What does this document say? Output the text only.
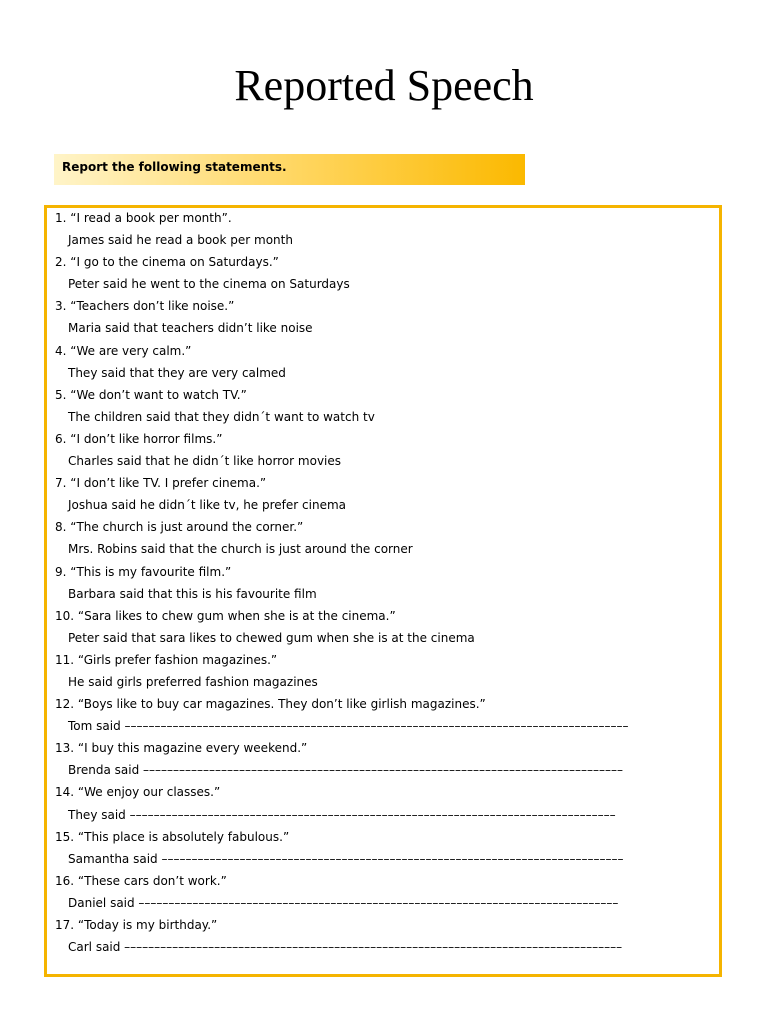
Reported Speech
Report the following statements.
1. “I read a book per month”.
James said he read a book per month
2. “I go to the cinema on Saturdays.”
Peter said he went to the cinema on Saturdays
3. “Teachers don’t like noise.”
Maria said that teachers didn’t like noise
4. “We are very calm.”
They said that they are very calmed
5. “We don’t want to watch TV.”
The children said that they didn´t want to watch tv
6. “I don’t like horror films.”
Charles said that he didn´t like horror movies
7. “I don’t like TV. I prefer cinema.”
Joshua said he didn´t like tv, he prefer cinema
8. “The church is just around the corner.”
Mrs. Robins said that the church is just around the corner
9. “This is my favourite film.”
Barbara said that this is his favourite film
10. “Sara likes to chew gum when she is at the cinema.”
Peter said that sara likes to chewed gum when she is at the cinema
11. “Girls prefer fashion magazines.”
He said girls preferred fashion magazines
12. “Boys like to buy car magazines. They don’t like girlish magazines.”
Tom said ––––––––––––––––––––––––––––––––––––––––––––––––––––––––––––––––––––––––––––––––––––
13. “I buy this magazine every weekend.”
Brenda said ––––––––––––––––––––––––––––––––––––––––––––––––––––––––––––––––––––––––––––––––
14. “We enjoy our classes.”
They said –––––––––––––––––––––––––––––––––––––––––––––––––––––––––––––––––––––––––––––––––
15. “This place is absolutely fabulous.”
Samantha said –––––––––––––––––––––––––––––––––––––––––––––––––––––––––––––––––––––––––––––
16. “These cars don’t work.”
Daniel said ––––––––––––––––––––––––––––––––––––––––––––––––––––––––––––––––––––––––––––––––
17. “Today is my birthday.”
Carl said –––––––––––––––––––––––––––––––––––––––––––––––––––––––––––––––––––––––––––––––––––
